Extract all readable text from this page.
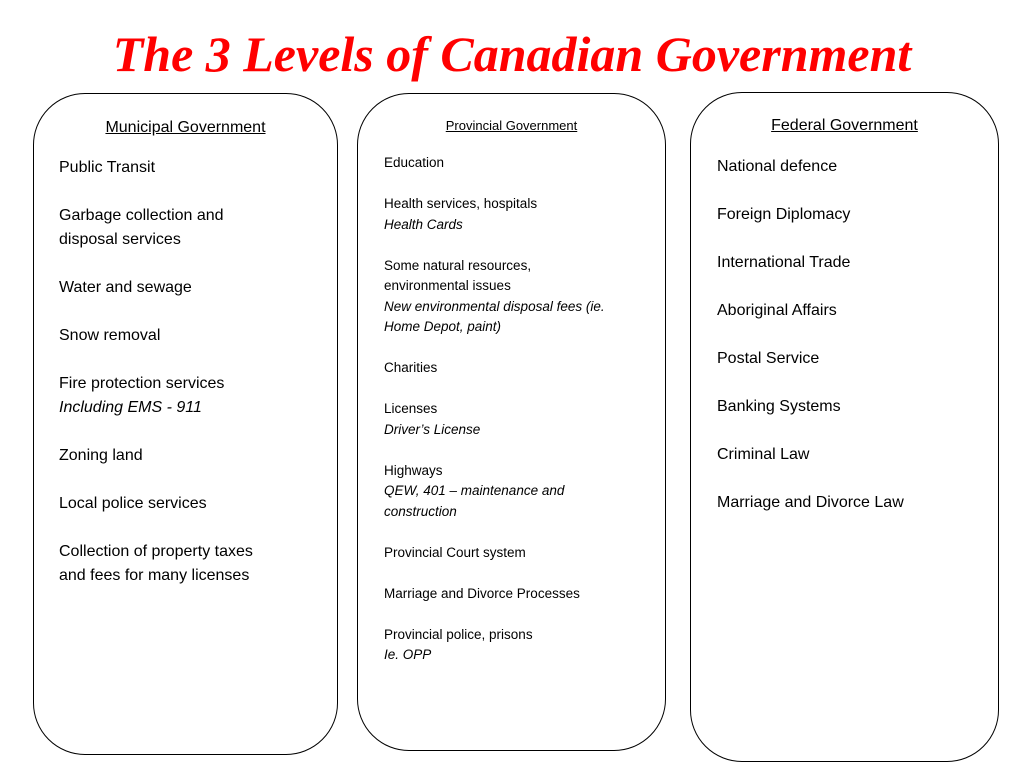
The 3 Levels of Canadian Government
Municipal Government
Public Transit
Garbage collection and
disposal services
Water and sewage
Snow removal
Fire protection services
Including EMS - 911
Zoning land
Local police services
Collection of property taxes
and fees for many licenses
Provincial Government
Education
Health services, hospitals
Health Cards
Some natural resources,
environmental issues
New environmental disposal fees (ie.
Home Depot, paint)
Charities
Licenses
Driver’s License
Highways
QEW, 401 – maintenance and
construction
Provincial Court system
Marriage and Divorce Processes
Provincial police, prisons
Ie. OPP
Federal Government
National defence
Foreign Diplomacy
International Trade
Aboriginal Affairs
Postal Service
Banking Systems
Criminal Law
Marriage and Divorce Law
